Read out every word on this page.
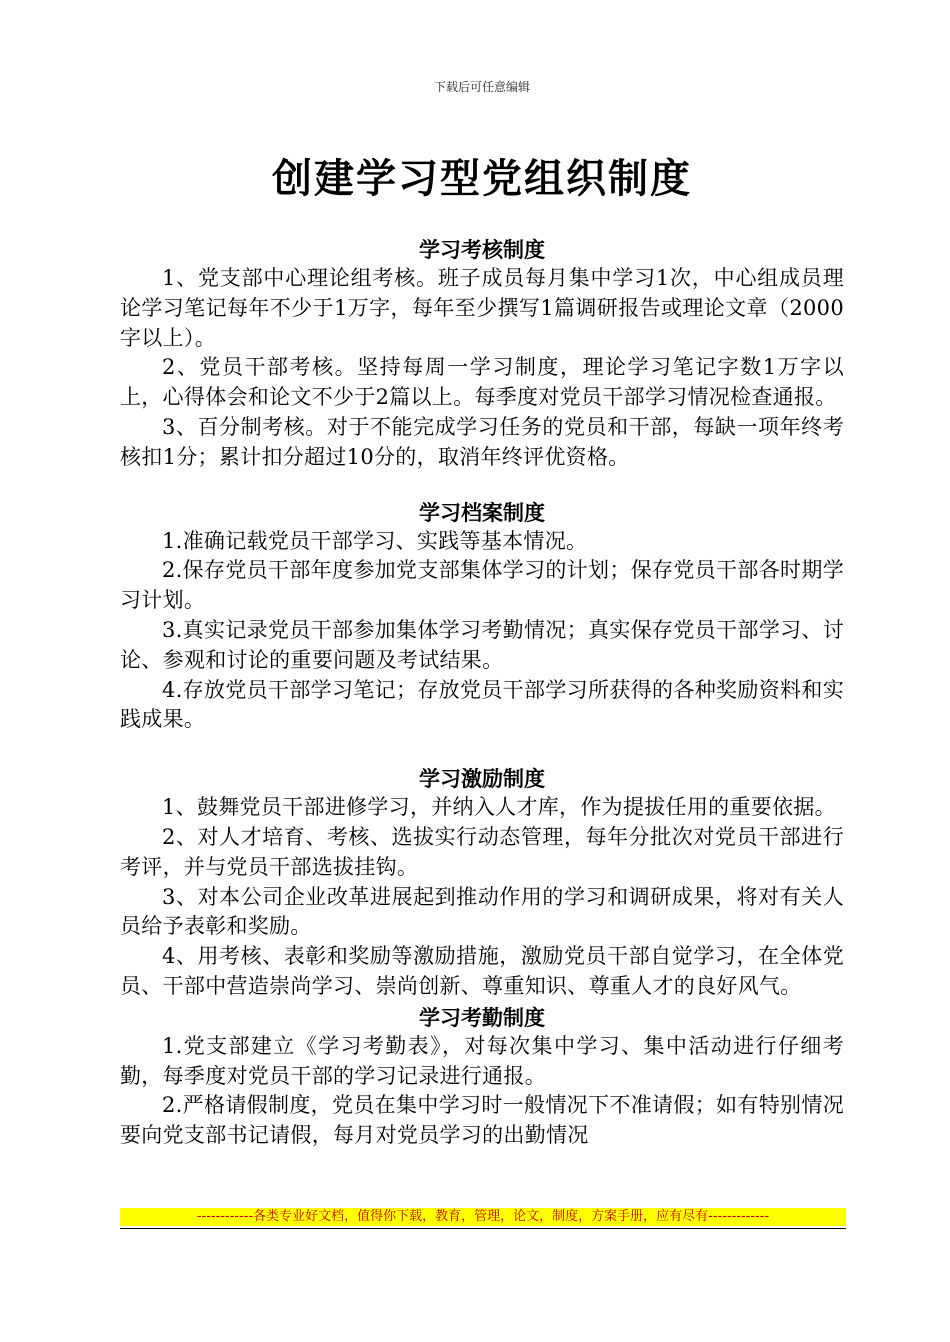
下载后可任意编辑
创建学习型党组织制度
学习考核制度

1、党支部中心理论组考核。班子成员每月集中学习1次，中心组成员理论学习笔记每年不少于1万字，每年至少撰写1篇调研报告或理论文章（2000字以上）。

2、党员干部考核。坚持每周一学习制度，理论学习笔记字数1万字以上，心得体会和论文不少于2篇以上。每季度对党员干部学习情况检查通报。

3、百分制考核。对于不能完成学习任务的党员和干部，每缺一项年终考核扣1分；累计扣分超过10分的，取消年终评优资格。

学习档案制度

1.准确记载党员干部学习、实践等基本情况。

2.保存党员干部年度参加党支部集体学习的计划；保存党员干部各时期学习计划。

3.真实记录党员干部参加集体学习考勤情况；真实保存党员干部学习、讨论、参观和讨论的重要问题及考试结果。

4.存放党员干部学习笔记；存放党员干部学习所获得的各种奖励资料和实践成果。

学习激励制度

1、鼓舞党员干部进修学习，并纳入人才库，作为提拔任用的重要依据。

2、对人才培育、考核、选拔实行动态管理，每年分批次对党员干部进行考评，并与党员干部选拔挂钩。

3、对本公司企业改革进展起到推动作用的学习和调研成果，将对有关人员给予表彰和奖励。

4、用考核、表彰和奖励等激励措施，激励党员干部自觉学习，在全体党员、干部中营造崇尚学习、崇尚创新、尊重知识、尊重人才的良好风气。

学习考勤制度

1.党支部建立《学习考勤表》，对每次集中学习、集中活动进行仔细考勤，每季度对党员干部的学习记录进行通报。

2.严格请假制度，党员在集中学习时一般情况下不准请假；如有特别情况要向党支部书记请假，每月对党员学习的出勤情况

------------各类专业好文档，值得你下载，教育，管理，论文，制度，方案手册，应有尽有-------------
